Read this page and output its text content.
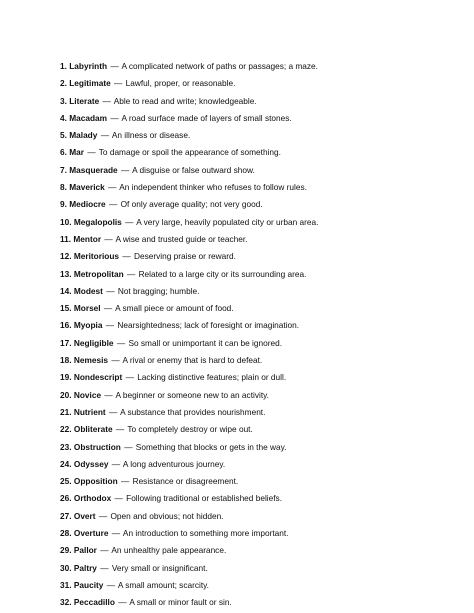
1. Labyrinth — A complicated network of paths or passages; a maze.
2. Legitimate — Lawful, proper, or reasonable.
3. Literate — Able to read and write; knowledgeable.
4. Macadam — A road surface made of layers of small stones.
5. Malady — An illness or disease.
6. Mar — To damage or spoil the appearance of something.
7. Masquerade — A disguise or false outward show.
8. Maverick — An independent thinker who refuses to follow rules.
9. Mediocre — Of only average quality; not very good.
10. Megalopolis — A very large, heavily populated city or urban area.
11. Mentor — A wise and trusted guide or teacher.
12. Meritorious — Deserving praise or reward.
13. Metropolitan — Related to a large city or its surrounding area.
14. Modest — Not bragging; humble.
15. Morsel — A small piece or amount of food.
16. Myopia — Nearsightedness; lack of foresight or imagination.
17. Negligible — So small or unimportant it can be ignored.
18. Nemesis — A rival or enemy that is hard to defeat.
19. Nondescript — Lacking distinctive features; plain or dull.
20. Novice — A beginner or someone new to an activity.
21. Nutrient — A substance that provides nourishment.
22. Obliterate — To completely destroy or wipe out.
23. Obstruction — Something that blocks or gets in the way.
24. Odyssey — A long adventurous journey.
25. Opposition — Resistance or disagreement.
26. Orthodox — Following traditional or established beliefs.
27. Overt — Open and obvious; not hidden.
28. Overture — An introduction to something more important.
29. Pallor — An unhealthy pale appearance.
30. Paltry — Very small or insignificant.
31. Paucity — A small amount; scarcity.
32. Peccadillo — A small or minor fault or sin.
